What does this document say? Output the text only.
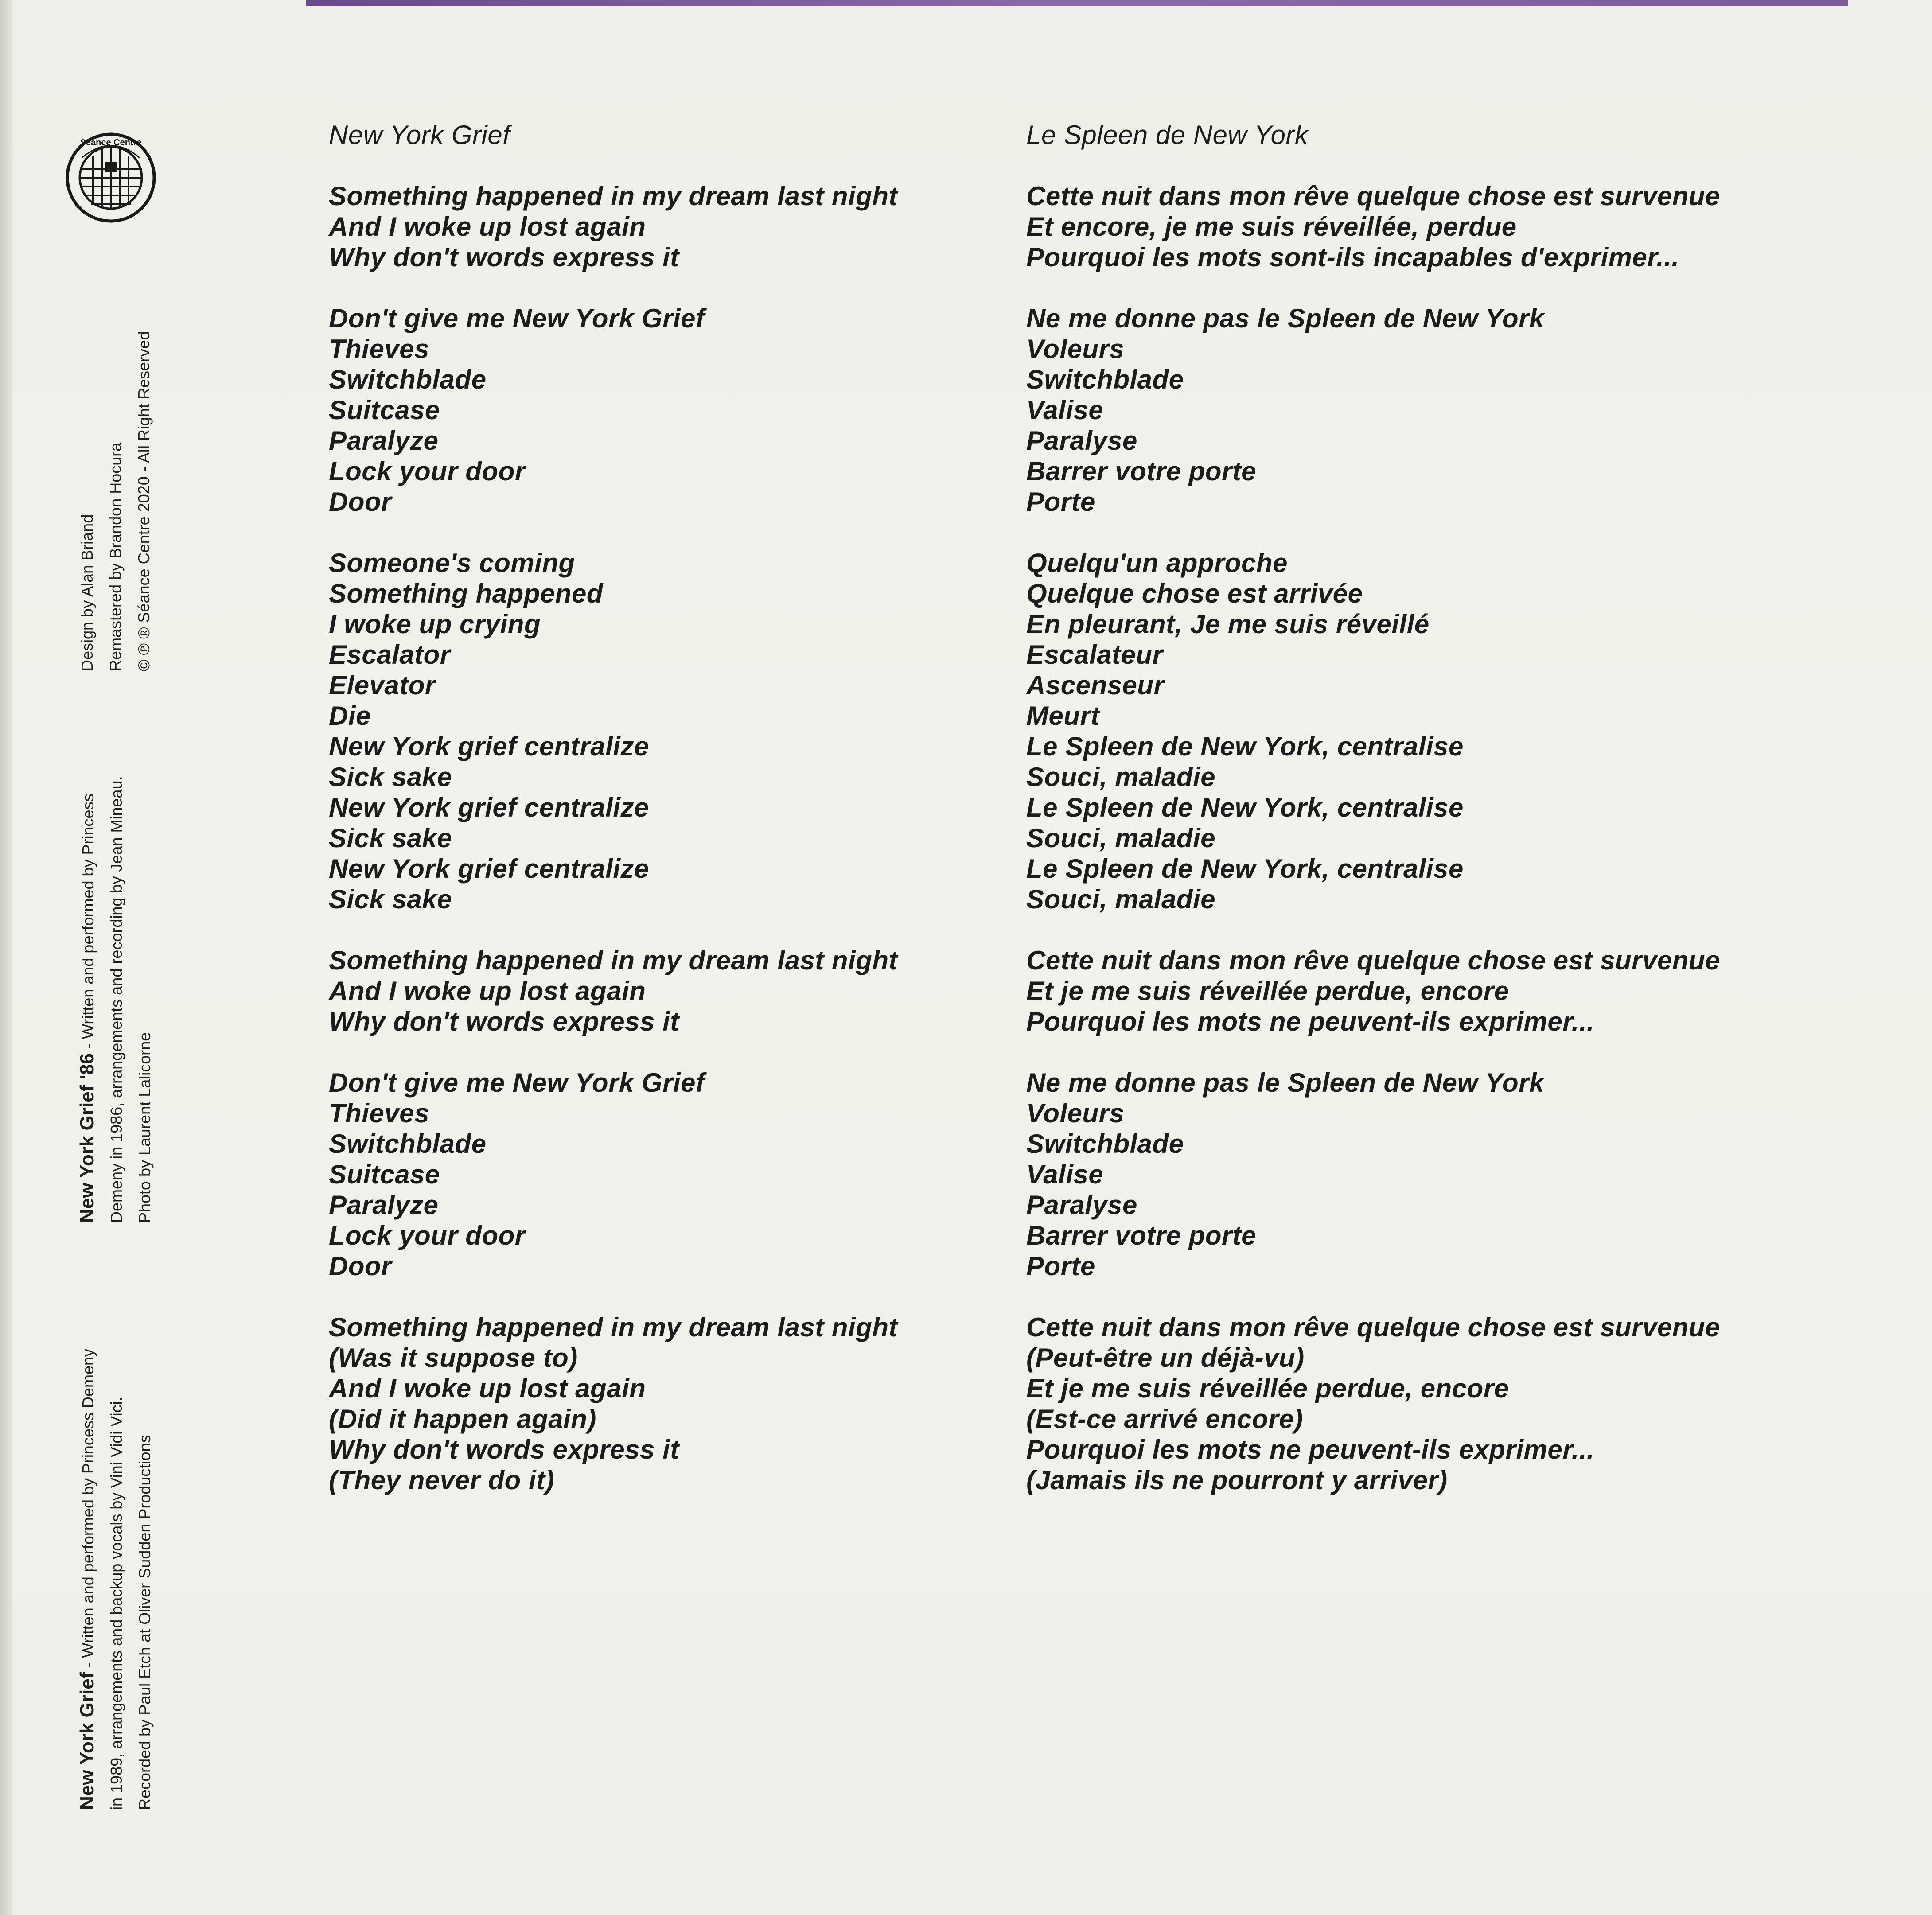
Séance Centre
New York Grief - Written and performed by Princess Demeny in 1989, arrangements and backup vocals by Vini Vidi Vici. Recorded by Paul Etch at Oliver Sudden Productions
New York Grief '86 - Written and performed by Princess Demeny in 1986, arrangements and recording by Jean Mineau. Photo by Laurent Lalicorne
Design by Alan Briand Remastered by Brandon Hocura © ℗ ® Séance Centre 2020 - All Right Reserved
New York Grief
Something happened in my dream last night
And I woke up lost again
Why don't words express it
Don't give me New York Grief
Thieves
Switchblade
Suitcase
Paralyze
Lock your door
Door
Someone's coming
Something happened
I woke up crying
Escalator
Elevator
Die
New York grief centralize
Sick sake
New York grief centralize
Sick sake
New York grief centralize
Sick sake
Something happened in my dream last night
And I woke up lost again
Why don't words express it
Don't give me New York Grief
Thieves
Switchblade
Suitcase
Paralyze
Lock your door
Door
Something happened in my dream last night
(Was it suppose to)
And I woke up lost again
(Did it happen again)
Why don't words express it
(They never do it)
Le Spleen de New York
Cette nuit dans mon rêve quelque chose est survenue
Et encore, je me suis réveillée, perdue
Pourquoi les mots sont-ils incapables d'exprimer...
Ne me donne pas le Spleen de New York
Voleurs
Switchblade
Valise
Paralyse
Barrer votre porte
Porte
Quelqu'un approche
Quelque chose est arrivée
En pleurant, Je me suis réveillé
Escalateur
Ascenseur
Meurt
Le Spleen de New York, centralise
Souci, maladie
Le Spleen de New York, centralise
Souci, maladie
Le Spleen de New York, centralise
Souci, maladie
Cette nuit dans mon rêve quelque chose est survenue
Et je me suis réveillée perdue, encore
Pourquoi les mots ne peuvent-ils exprimer...
Ne me donne pas le Spleen de New York
Voleurs
Switchblade
Valise
Paralyse
Barrer votre porte
Porte
Cette nuit dans mon rêve quelque chose est survenue
(Peut-être un déjà-vu)
Et je me suis réveillée perdue, encore
(Est-ce arrivé encore)
Pourquoi les mots ne peuvent-ils exprimer...
(Jamais ils ne pourront y arriver)
